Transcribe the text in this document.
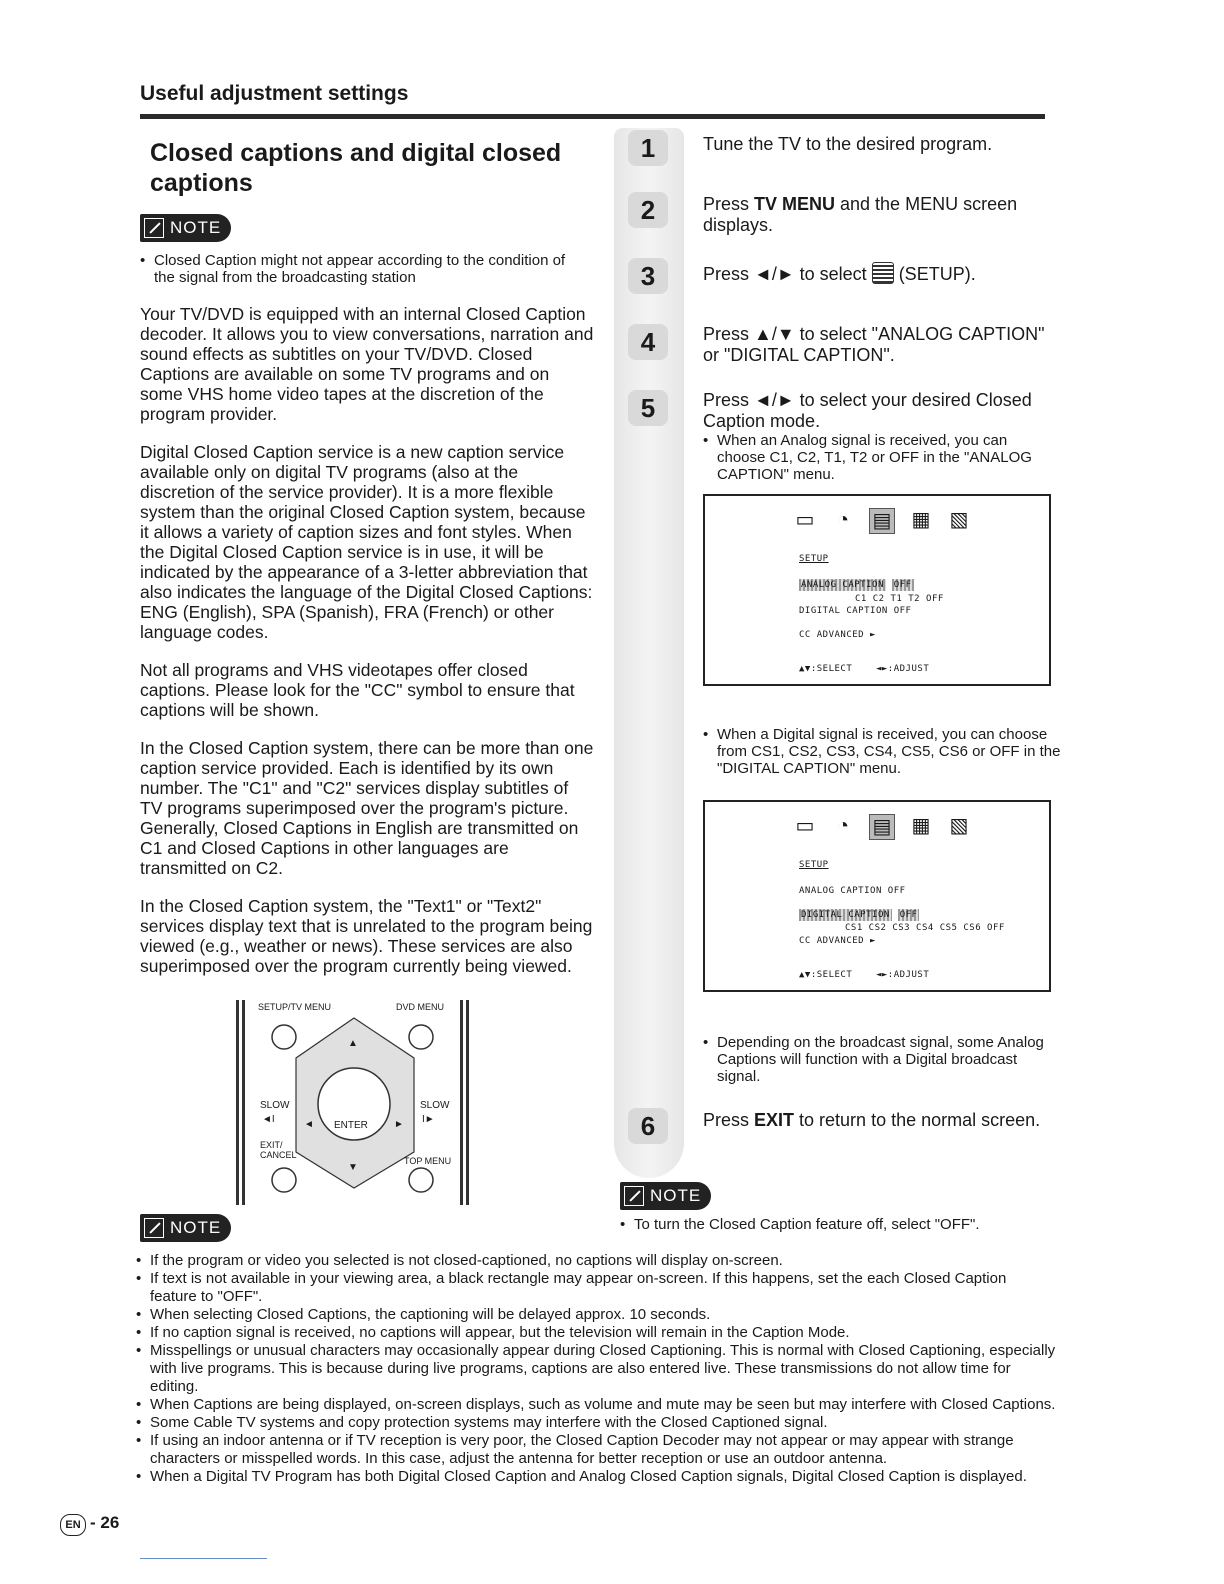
Useful adjustment settings
Closed captions and digital closed captions
NOTE
• Closed Caption might not appear according to the condition of the signal from the broadcasting station

Your TV/DVD is equipped with an internal Closed Caption decoder. It allows you to view conversations, narration and sound effects as subtitles on your TV/DVD. Closed Captions are available on some TV programs and on some VHS home video tapes at the discretion of the program provider.

Digital Closed Caption service is a new caption service available only on digital TV programs (also at the discretion of the service provider). It is a more flexible system than the original Closed Caption system, because it allows a variety of caption sizes and font styles. When the Digital Closed Caption service is in use, it will be indicated by the appearance of a 3-letter abbreviation that also indicates the language of the Digital Closed Captions: ENG (English), SPA (Spanish), FRA (French) or other language codes.

Not all programs and VHS videotapes offer closed captions. Please look for the "CC" symbol to ensure that captions will be shown.

In the Closed Caption system, there can be more than one caption service provided. Each is identified by its own number. The "C1" and "C2" services display subtitles of TV programs superimposed over the program's picture. Generally, Closed Captions in English are transmitted on C1 and Closed Captions in other languages are transmitted on C2.

In the Closed Caption system, the "Text1" or "Text2" services display text that is unrelated to the program being viewed (e.g., weather or news). These services are also superimposed over the program currently being viewed.

SETUP/TV MENU	DVD MENU
SLOW	SLOW
◄I	I►
ENTER
▲
▼
◄	►
EXIT/ CANCEL
TOP MENU
NOTE
1
2
3
4
5
6
Tune the TV to the desired program.
Press TV MENU and the MENU screen displays.
Press ◄/► to select  (SETUP).
Press ▲/▼ to select "ANALOG CAPTION" or "DIGITAL CAPTION".
Press ◄/► to select your desired Closed Caption mode.
• When an Analog signal is received, you can choose C1, C2, T1, T2 or OFF in the "ANALOG CAPTION" menu.
▭ ◔ ▤ ▦ ▧
SETUP
ANALOG CAPTION OFF
C1 C2 T1 T2 OFF
DIGITAL CAPTION OFF
CC ADVANCED ►
▲▼:SELECT	◄►:ADJUST
• When a Digital signal is received, you can choose from CS1, CS2, CS3, CS4, CS5, CS6 or OFF in the "DIGITAL CAPTION" menu.
▭ ◔ ▤ ▦ ▧
SETUP
ANALOG CAPTION OFF
DIGITAL CAPTION OFF
CS1 CS2 CS3 CS4 CS5 CS6 OFF
CC ADVANCED ►
▲▼:SELECT	◄►:ADJUST
• Depending on the broadcast signal, some Analog Captions will function with a Digital broadcast signal.
Press EXIT to return to the normal screen.
NOTE
• To turn the Closed Caption feature off, select "OFF".
• If the program or video you selected is not closed-captioned, no captions will display on-screen.
• If text is not available in your viewing area, a black rectangle may appear on-screen. If this happens, set the each Closed Caption feature to "OFF".
• When selecting Closed Captions, the captioning will be delayed approx. 10 seconds.
• If no caption signal is received, no captions will appear, but the television will remain in the Caption Mode.
• Misspellings or unusual characters may occasionally appear during Closed Captioning. This is normal with Closed Captioning, especially with live programs. This is because during live programs, captions are also entered live. These transmissions do not allow time for editing.
• When Captions are being displayed, on-screen displays, such as volume and mute may be seen but may interfere with Closed Captions.
• Some Cable TV systems and copy protection systems may interfere with the Closed Captioned signal.
• If using an indoor antenna or if TV reception is very poor, the Closed Caption Decoder may not appear or may appear with strange characters or misspelled words. In this case, adjust the antenna for better reception or use an outdoor antenna.
• When a Digital TV Program has both Digital Closed Caption and Analog Closed Caption signals, Digital Closed Caption is displayed.
EN - 26
